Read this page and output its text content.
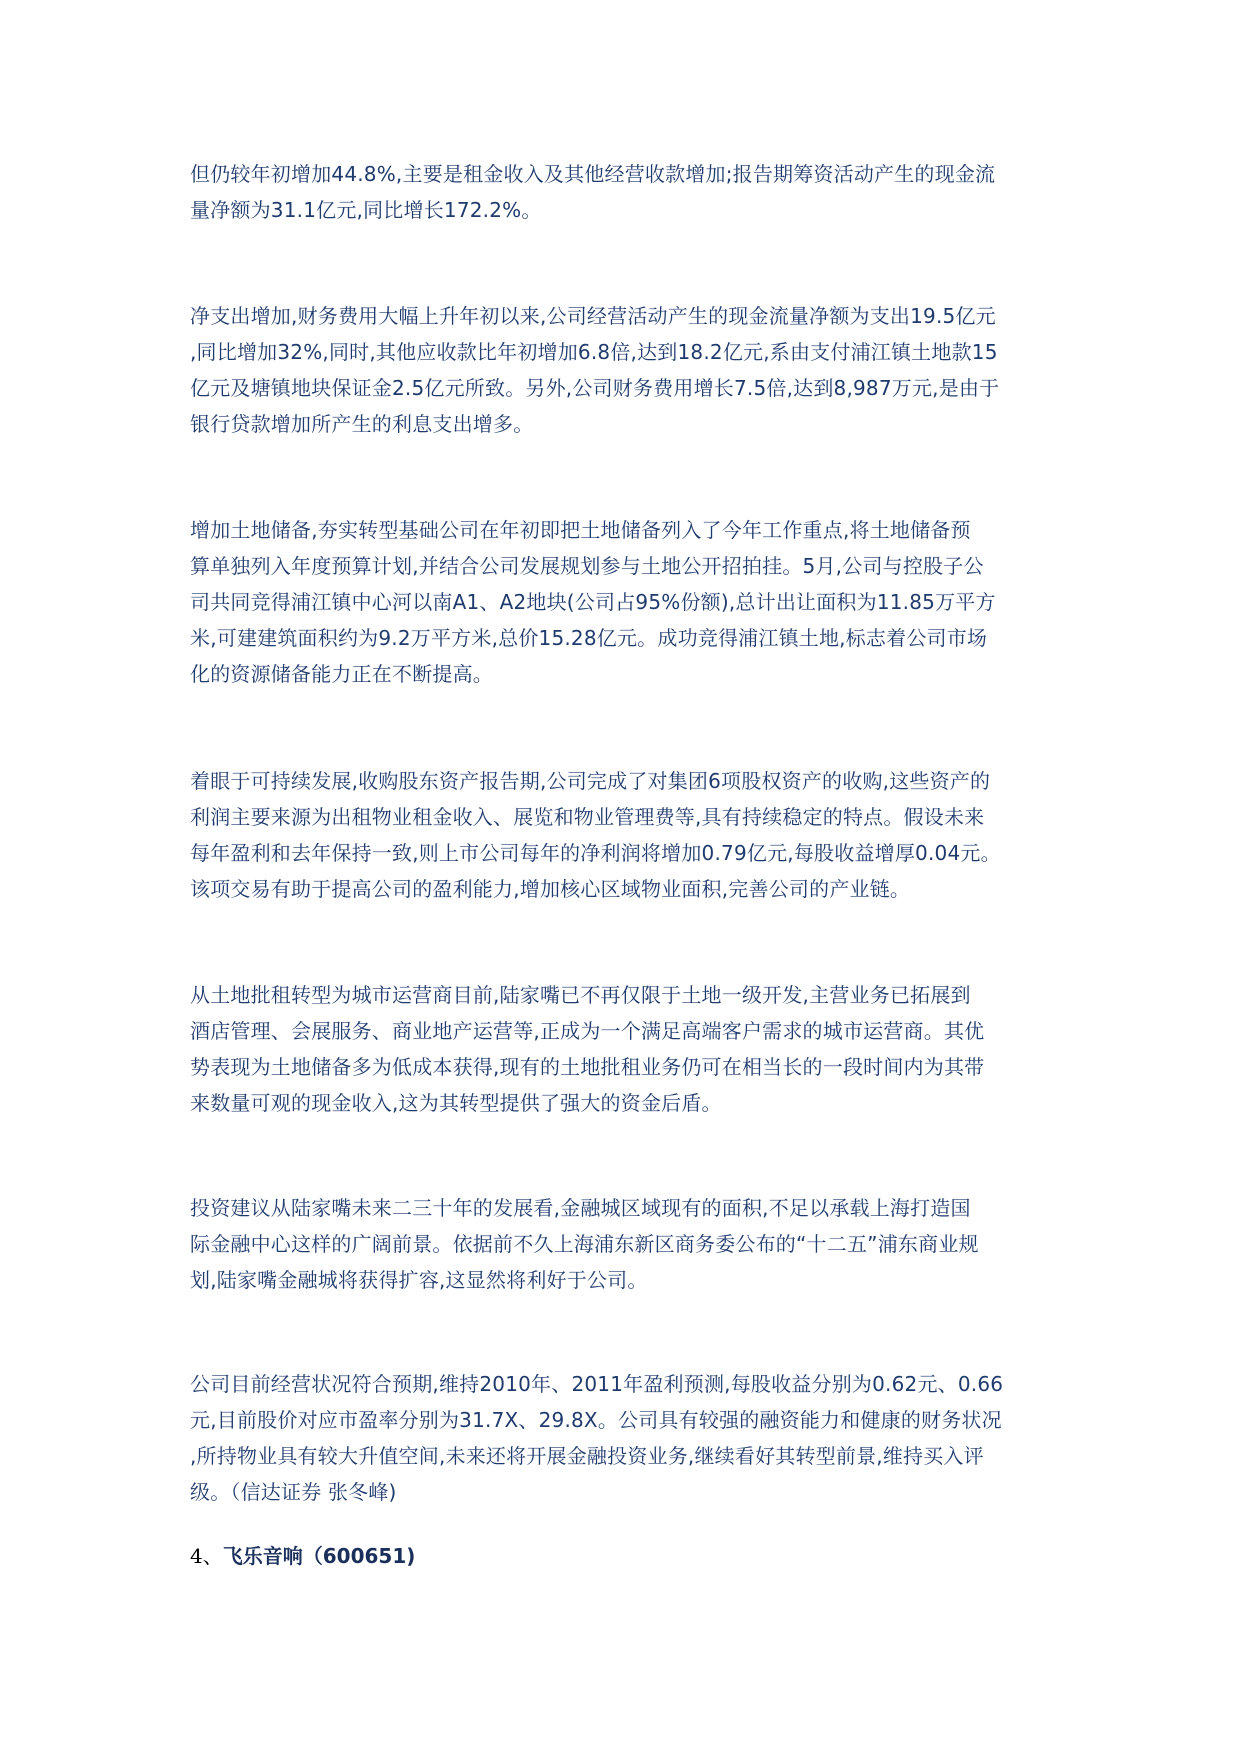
但仍较年初增加44.8%,主要是租金收入及其他经营收款增加;报告期筹资活动产生的现金流
量净额为31.1亿元,同比增长172.2%。
净支出增加,财务费用大幅上升年初以来,公司经营活动产生的现金流量净额为支出19.5亿元
,同比增加32%,同时,其他应收款比年初增加6.8倍,达到18.2亿元,系由支付浦江镇土地款15
亿元及塘镇地块保证金2.5亿元所致。另外,公司财务费用增长7.5倍,达到8,987万元,是由于
银行贷款增加所产生的利息支出增多。
增加土地储备,夯实转型基础公司在年初即把土地储备列入了今年工作重点,将土地储备预
算单独列入年度预算计划,并结合公司发展规划参与土地公开招拍挂。5月,公司与控股子公
司共同竞得浦江镇中心河以南A1、A2地块(公司占95%份额),总计出让面积为11.85万平方
米,可建建筑面积约为9.2万平方米,总价15.28亿元。成功竞得浦江镇土地,标志着公司市场
化的资源储备能力正在不断提高。
着眼于可持续发展,收购股东资产报告期,公司完成了对集团6项股权资产的收购,这些资产的
利润主要来源为出租物业租金收入、展览和物业管理费等,具有持续稳定的特点。假设未来
每年盈利和去年保持一致,则上市公司每年的净利润将增加0.79亿元,每股收益增厚0.04元。
该项交易有助于提高公司的盈利能力,增加核心区域物业面积,完善公司的产业链。
从土地批租转型为城市运营商目前,陆家嘴已不再仅限于土地一级开发,主营业务已拓展到
酒店管理、会展服务、商业地产运营等,正成为一个满足高端客户需求的城市运营商。其优
势表现为土地储备多为低成本获得,现有的土地批租业务仍可在相当长的一段时间内为其带
来数量可观的现金收入,这为其转型提供了强大的资金后盾。
投资建议从陆家嘴未来二三十年的发展看,金融城区域现有的面积,不足以承载上海打造国
际金融中心这样的广阔前景。依据前不久上海浦东新区商务委公布的“十二五”浦东商业规
划,陆家嘴金融城将获得扩容,这显然将利好于公司。
公司目前经营状况符合预期,维持2010年、2011年盈利预测,每股收益分别为0.62元、0.66
元,目前股价对应市盈率分别为31.7X、29.8X。公司具有较强的融资能力和健康的财务状况
,所持物业具有较大升值空间,未来还将开展金融投资业务,继续看好其转型前景,维持买入评
级。（信达证券 张冬峰)
4、飞乐音响（600651)
